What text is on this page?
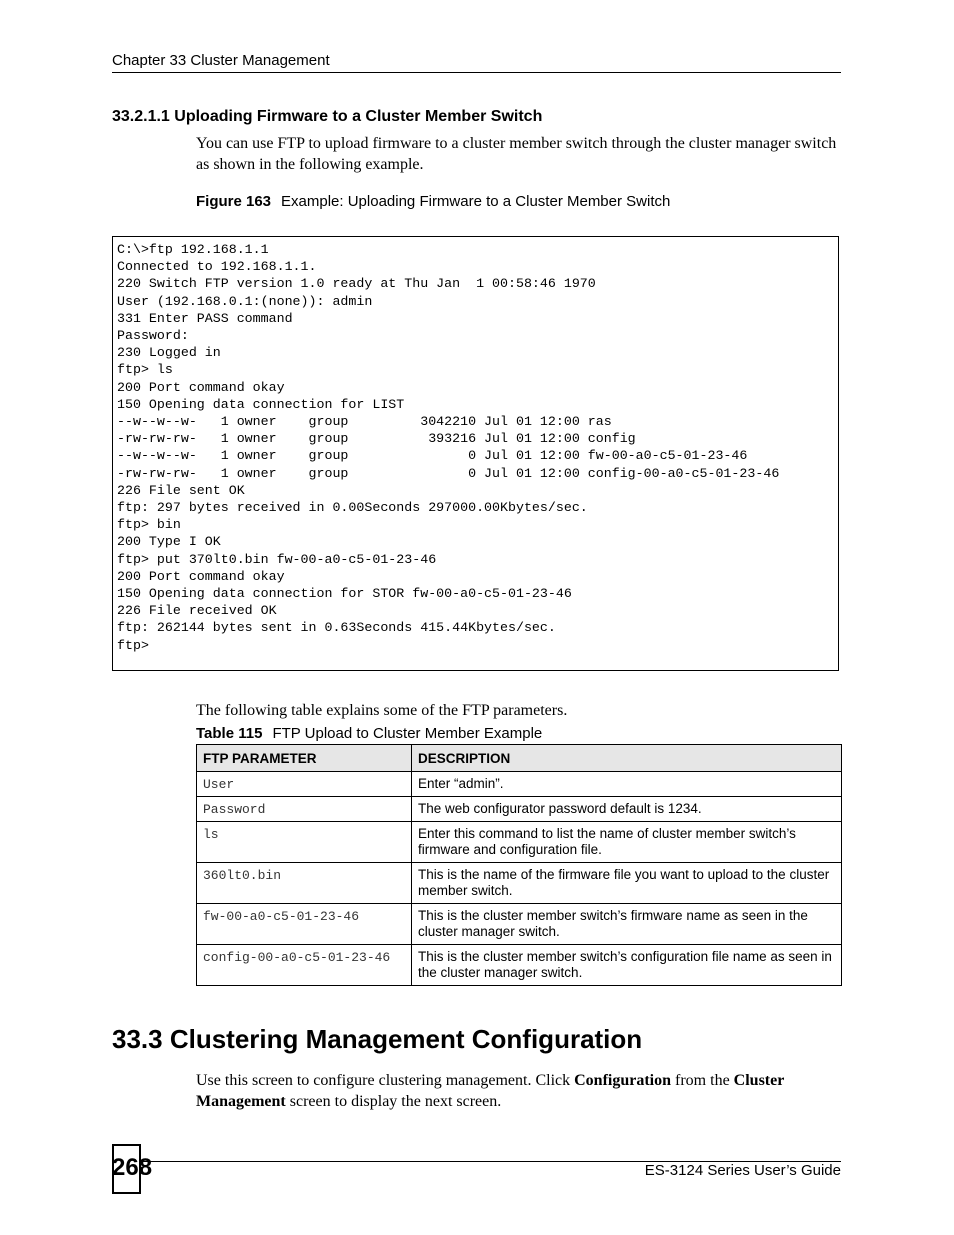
Chapter 33 Cluster Management
33.2.1.1 Uploading Firmware to a Cluster Member Switch
You can use FTP to upload firmware to a cluster member switch through the cluster manager switch as shown in the following example.
Figure 163 Example: Uploading Firmware to a Cluster Member Switch
C:\>ftp 192.168.1.1
Connected to 192.168.1.1.
220 Switch FTP version 1.0 ready at Thu Jan  1 00:58:46 1970
User (192.168.0.1:(none)): admin
331 Enter PASS command
Password:
230 Logged in
ftp> ls
200 Port command okay
150 Opening data connection for LIST
--w--w--w-   1 owner    group         3042210 Jul 01 12:00 ras
-rw-rw-rw-   1 owner    group          393216 Jul 01 12:00 config
--w--w--w-   1 owner    group               0 Jul 01 12:00 fw-00-a0-c5-01-23-46
-rw-rw-rw-   1 owner    group               0 Jul 01 12:00 config-00-a0-c5-01-23-46
226 File sent OK
ftp: 297 bytes received in 0.00Seconds 297000.00Kbytes/sec.
ftp> bin
200 Type I OK
ftp> put 370lt0.bin fw-00-a0-c5-01-23-46
200 Port command okay
150 Opening data connection for STOR fw-00-a0-c5-01-23-46
226 File received OK
ftp: 262144 bytes sent in 0.63Seconds 415.44Kbytes/sec.
ftp>
The following table explains some of the FTP parameters.
Table 115 FTP Upload to Cluster Member Example
FTP PARAMETER	DESCRIPTION
User	Enter “admin”.
Password	The web configurator password default is 1234.
ls	Enter this command to list the name of cluster member switch’s firmware and configuration file.
360lt0.bin	This is the name of the firmware file you want to upload to the cluster member switch.
fw-00-a0-c5-01-23-46	This is the cluster member switch’s firmware name as seen in the cluster manager switch.
config-00-a0-c5-01-23-46	This is the cluster member switch’s configuration file name as seen in the cluster manager switch.
33.3 Clustering Management Configuration
Use this screen to configure clustering management. Click Configuration from the Cluster Management screen to display the next screen.
268	ES-3124 Series User’s Guide
